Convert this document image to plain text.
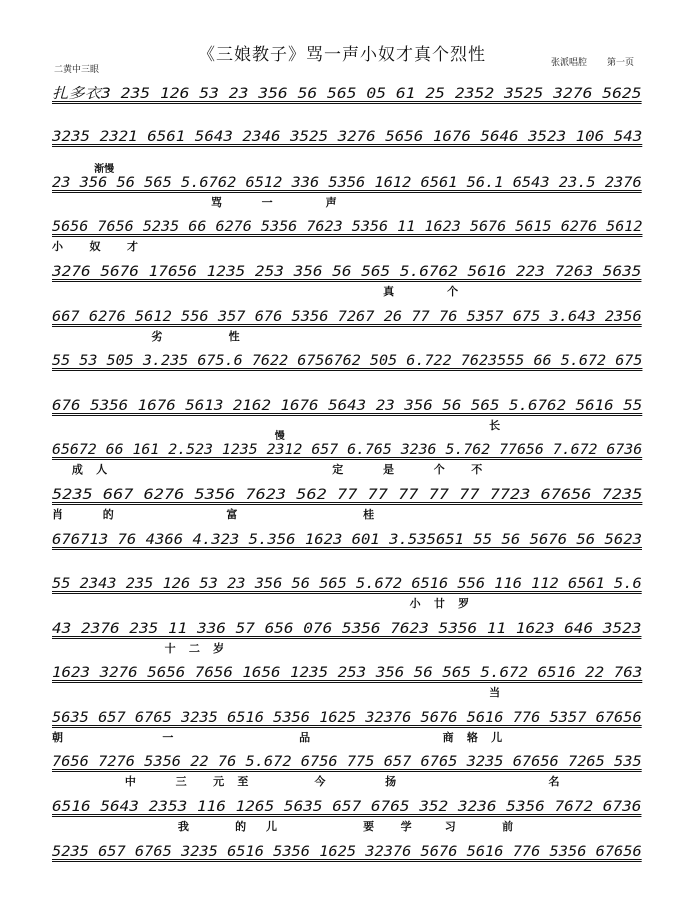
二黄中三眼
《三娘教子》骂一声小奴才真个烈性	张派唱腔 第一页
扎多衣3 235 126 53 23 356 56 565 05 61 25 2352 3525 3276 5625
3235 2321 6561 5643 2346 3525 3276 5656 1676 5646 3523 106 543
23 356 56 565 5.6762 6512 336 5356 1612 6561 56.1 6543 23.5 2376
骂      一        声
渐慢
5656 7656 5235 66 6276 5356 7623 5356 11 1623 5676 5615 6276 5612
小    奴    才
3276 5676 17656 1235 253 356 56 565 5.6762 5616 223 7263 5635
真        个
667 6276 5612 556 357 676 5356 7267 26 77 76 5357 675 3.643 2356
劣          性
55 53 505 3.235 675.6 7622 6756762 505 6.722 7623555 66 5.672 675
676 5356 1676 5613 2162 1676 5643 23 356 56 565 5.6762 5616 55
长
65672 66 161 2.523 1235 2312 657 6.765 3236 5.762 77656 7.672 6736
成  人                                  定      是      个    不
慢
5235 667 6276 5356 7623 562 77 77 77 77 77 7723 67656 7235
肖      的                 富                   桂
676713 76 4366 4.323 5.356 1623 601 3.535651 55 56 5676 56 5623
55 2343 235 126 53 23 356 56 565 5.672 6516 556 116 112 6561 5.6
小  廿  罗
43 2376 235 11 336 57 656 076 5356 7623 5356 11 1623 646 3523
十  二  岁
1623 3276 5656 7656 1656 1235 253 356 56 565 5.672 6516 22 763
当
5635 657 6765 3235 6516 5356 1625 32376 5676 5616 776 5357 67656
朝               一                   品                    商  辂  儿
7656 7276 5356 22 76 5.672 6756 775 657 6765 3235 67656 7265 535
中      三    元  至          今         扬                       名
6516 5643 2353 116 1265 5635 657 6765 352 3236 5356 7672 6736
我       的   儿             要    学     习       前
5235 657 6765 3235 6516 5356 1625 32376 5676 5616 776 5356 67656
